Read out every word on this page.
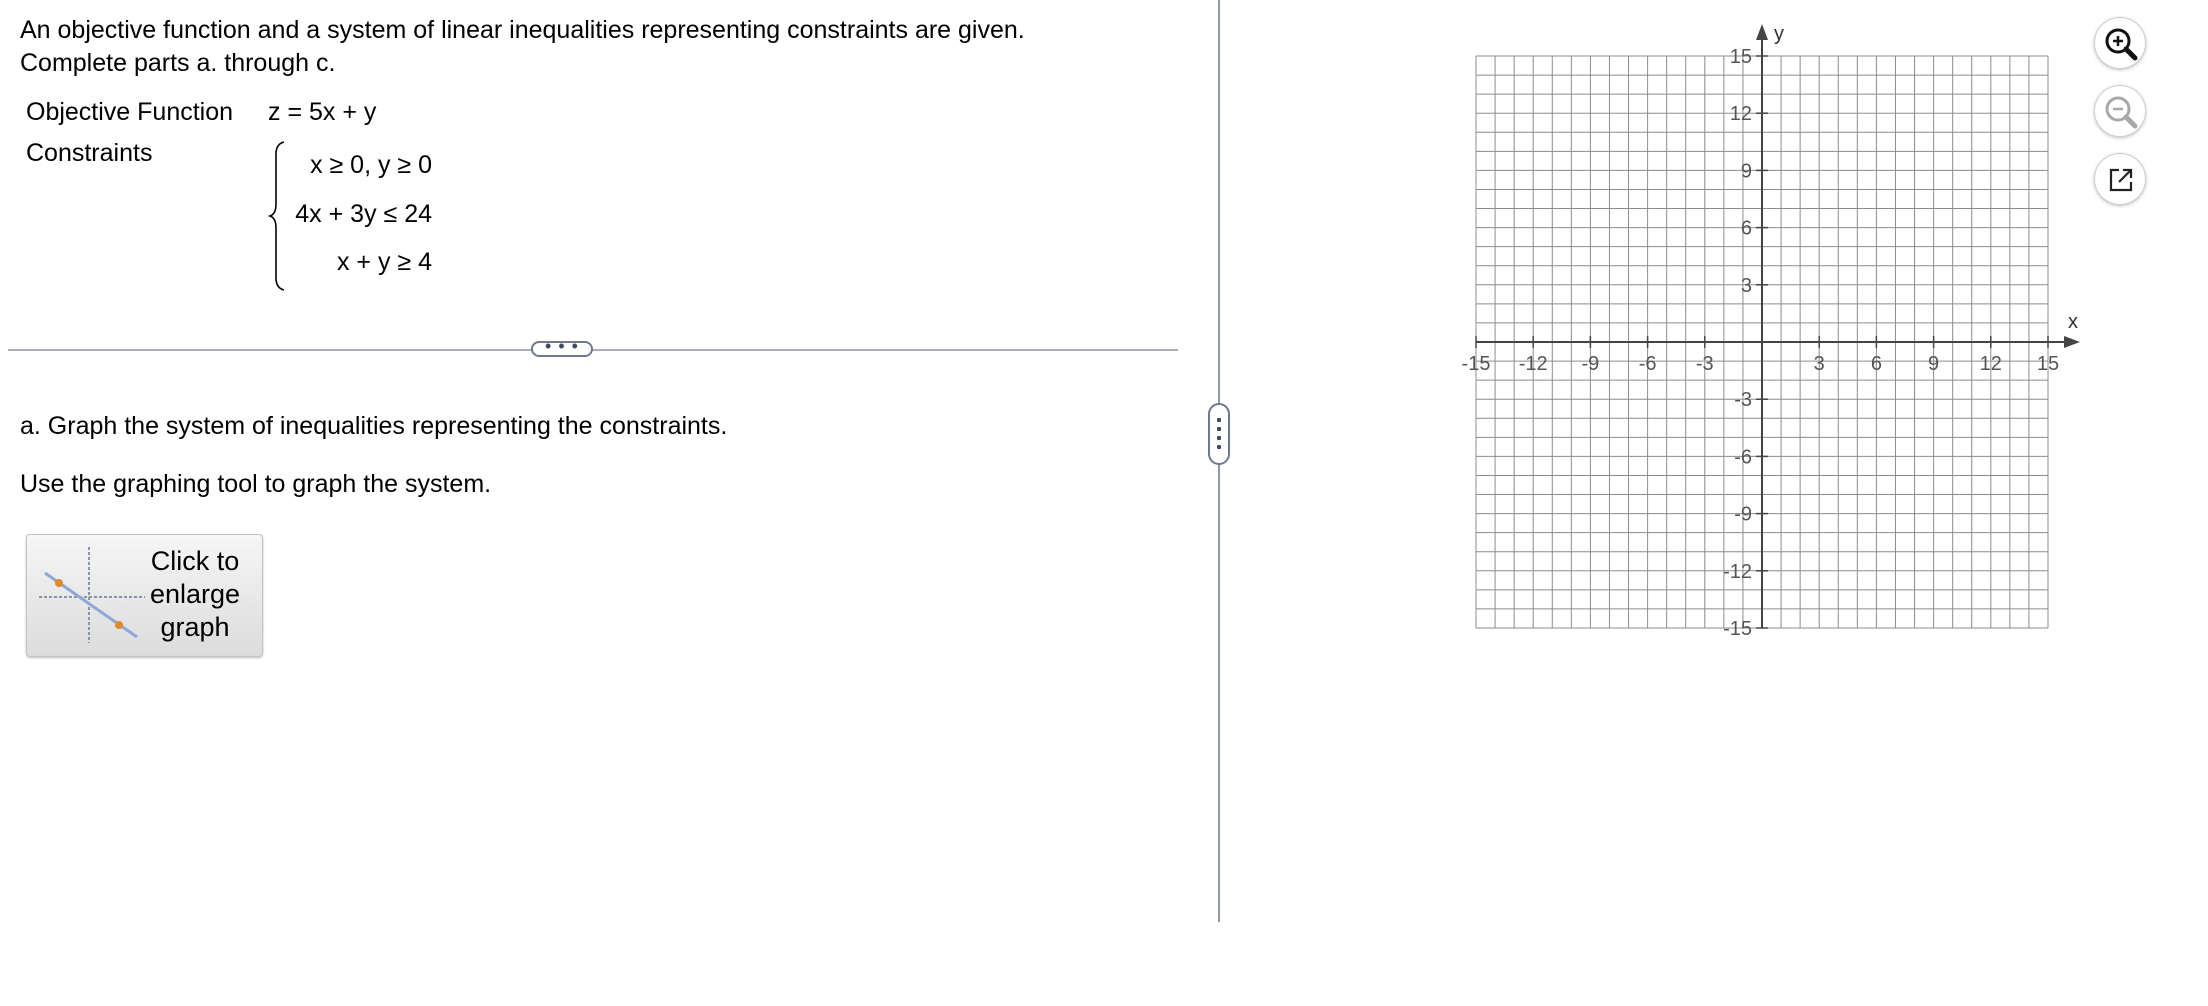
An objective function and a system of linear inequalities representing constraints are given.
Complete parts a. through c.
Objective Function z = 5x + y
Constraints	x ≥ 0, y ≥ 0
4x + 3y ≤ 24
x + y ≥ 4
• • •
a. Graph the system of inequalities representing the constraints.
Use the graphing tool to graph the system.
Click to enlarge graph
-15 -12 -9 -6 -3	3 6 9 12 15
15
12
9
6
3
-3
-6
-9
-12
-15
x
y
